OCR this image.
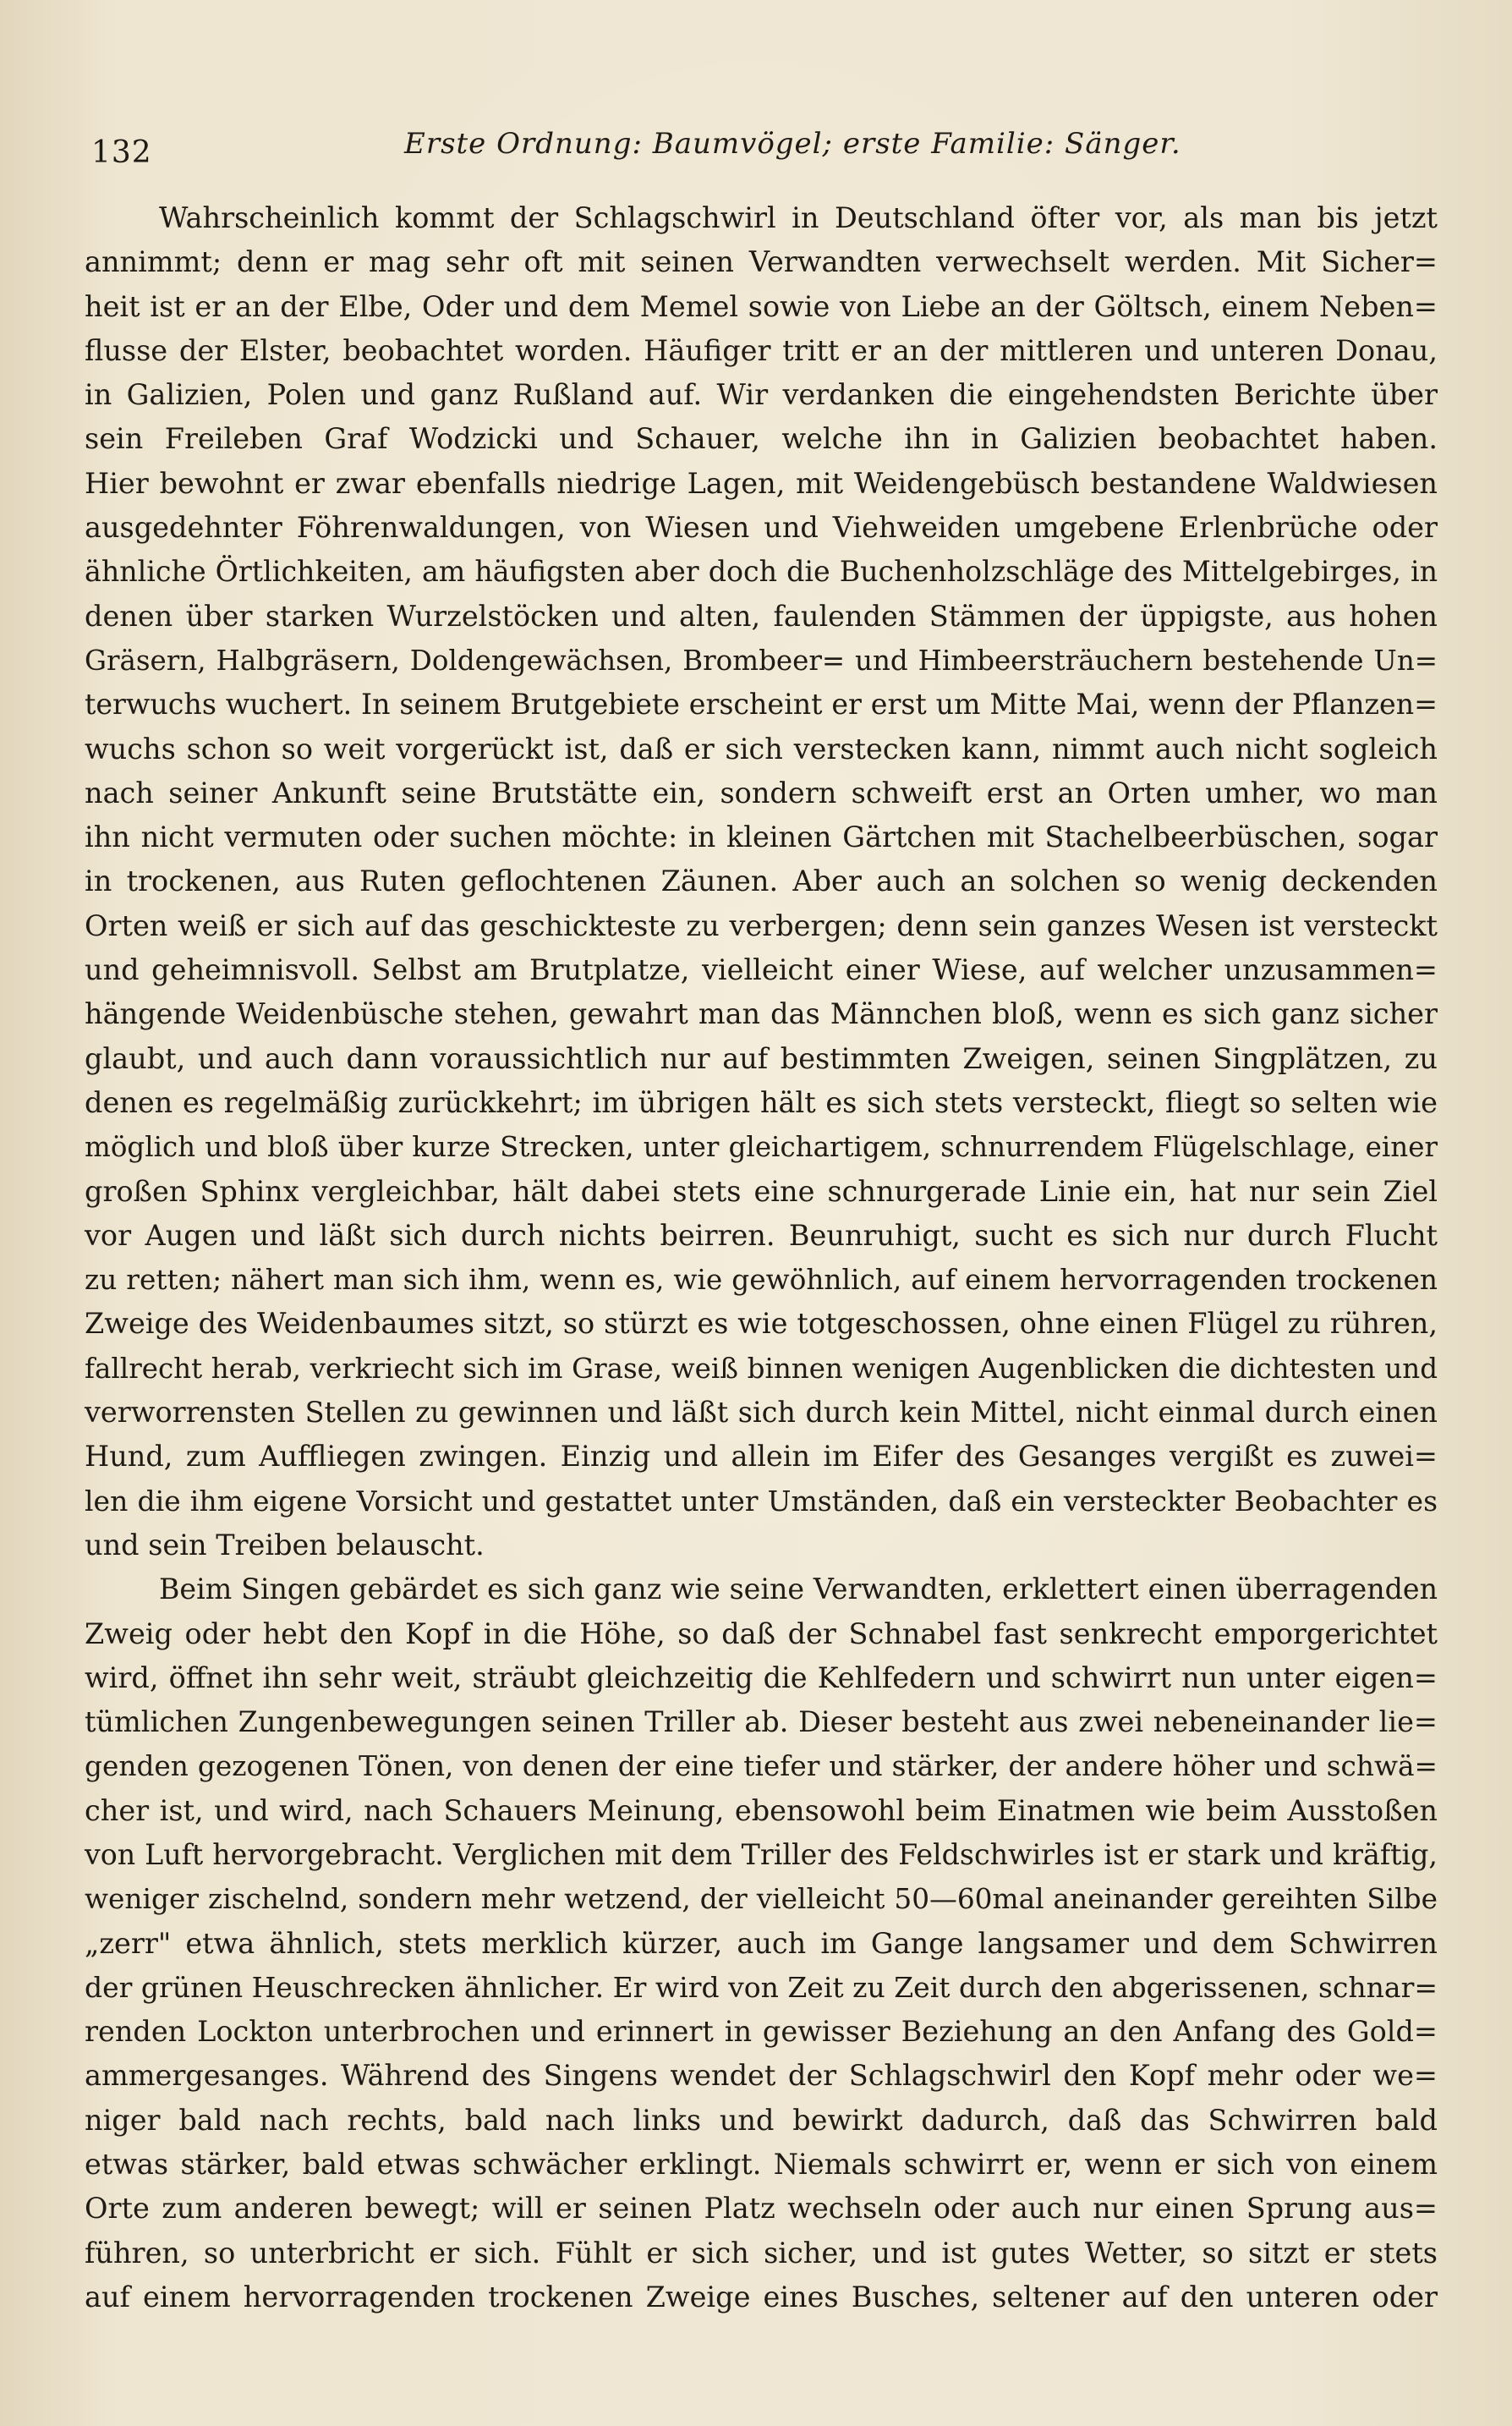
132	Erste Ordnung: Baumvögel; erste Familie: Sänger.
Wahrscheinlich kommt der Schlagschwirl in Deutschland öfter vor, als man bis jetzt
annimmt; denn er mag sehr oft mit seinen Verwandten verwechselt werden. Mit Sicher=
heit ist er an der Elbe, Oder und dem Memel sowie von Liebe an der Göltsch, einem Neben=
flusse der Elster, beobachtet worden. Häufiger tritt er an der mittleren und unteren Donau,
in Galizien, Polen und ganz Rußland auf. Wir verdanken die eingehendsten Berichte über
sein Freileben Graf Wodzicki und Schauer, welche ihn in Galizien beobachtet haben.
Hier bewohnt er zwar ebenfalls niedrige Lagen, mit Weidengebüsch bestandene Waldwiesen
ausgedehnter Föhrenwaldungen, von Wiesen und Viehweiden umgebene Erlenbrüche oder
ähnliche Örtlichkeiten, am häufigsten aber doch die Buchenholzschläge des Mittelgebirges, in
denen über starken Wurzelstöcken und alten, faulenden Stämmen der üppigste, aus hohen
Gräsern, Halbgräsern, Doldengewächsen, Brombeer= und Himbeersträuchern bestehende Un=
terwuchs wuchert. In seinem Brutgebiete erscheint er erst um Mitte Mai, wenn der Pflanzen=
wuchs schon so weit vorgerückt ist, daß er sich verstecken kann, nimmt auch nicht sogleich
nach seiner Ankunft seine Brutstätte ein, sondern schweift erst an Orten umher, wo man
ihn nicht vermuten oder suchen möchte: in kleinen Gärtchen mit Stachelbeerbüschen, sogar
in trockenen, aus Ruten geflochtenen Zäunen. Aber auch an solchen so wenig deckenden
Orten weiß er sich auf das geschickteste zu verbergen; denn sein ganzes Wesen ist versteckt
und geheimnisvoll. Selbst am Brutplatze, vielleicht einer Wiese, auf welcher unzusammen=
hängende Weidenbüsche stehen, gewahrt man das Männchen bloß, wenn es sich ganz sicher
glaubt, und auch dann voraussichtlich nur auf bestimmten Zweigen, seinen Singplätzen, zu
denen es regelmäßig zurückkehrt; im übrigen hält es sich stets versteckt, fliegt so selten wie
möglich und bloß über kurze Strecken, unter gleichartigem, schnurrendem Flügelschlage, einer
großen Sphinx vergleichbar, hält dabei stets eine schnurgerade Linie ein, hat nur sein Ziel
vor Augen und läßt sich durch nichts beirren. Beunruhigt, sucht es sich nur durch Flucht
zu retten; nähert man sich ihm, wenn es, wie gewöhnlich, auf einem hervorragenden trockenen
Zweige des Weidenbaumes sitzt, so stürzt es wie totgeschossen, ohne einen Flügel zu rühren,
fallrecht herab, verkriecht sich im Grase, weiß binnen wenigen Augenblicken die dichtesten und
verworrensten Stellen zu gewinnen und läßt sich durch kein Mittel, nicht einmal durch einen
Hund, zum Auffliegen zwingen. Einzig und allein im Eifer des Gesanges vergißt es zuwei=
len die ihm eigene Vorsicht und gestattet unter Umständen, daß ein versteckter Beobachter es
und sein Treiben belauscht.
Beim Singen gebärdet es sich ganz wie seine Verwandten, erklettert einen überragenden
Zweig oder hebt den Kopf in die Höhe, so daß der Schnabel fast senkrecht emporgerichtet
wird, öffnet ihn sehr weit, sträubt gleichzeitig die Kehlfedern und schwirrt nun unter eigen=
tümlichen Zungenbewegungen seinen Triller ab. Dieser besteht aus zwei nebeneinander lie=
genden gezogenen Tönen, von denen der eine tiefer und stärker, der andere höher und schwä=
cher ist, und wird, nach Schauers Meinung, ebensowohl beim Einatmen wie beim Ausstoßen
von Luft hervorgebracht. Verglichen mit dem Triller des Feldschwirles ist er stark und kräftig,
weniger zischelnd, sondern mehr wetzend, der vielleicht 50—60mal aneinander gereihten Silbe
„zerr" etwa ähnlich, stets merklich kürzer, auch im Gange langsamer und dem Schwirren
der grünen Heuschrecken ähnlicher. Er wird von Zeit zu Zeit durch den abgerissenen, schnar=
renden Lockton unterbrochen und erinnert in gewisser Beziehung an den Anfang des Gold=
ammergesanges. Während des Singens wendet der Schlagschwirl den Kopf mehr oder we=
niger bald nach rechts, bald nach links und bewirkt dadurch, daß das Schwirren bald
etwas stärker, bald etwas schwächer erklingt. Niemals schwirrt er, wenn er sich von einem
Orte zum anderen bewegt; will er seinen Platz wechseln oder auch nur einen Sprung aus=
führen, so unterbricht er sich. Fühlt er sich sicher, und ist gutes Wetter, so sitzt er stets
auf einem hervorragenden trockenen Zweige eines Busches, seltener auf den unteren oder
